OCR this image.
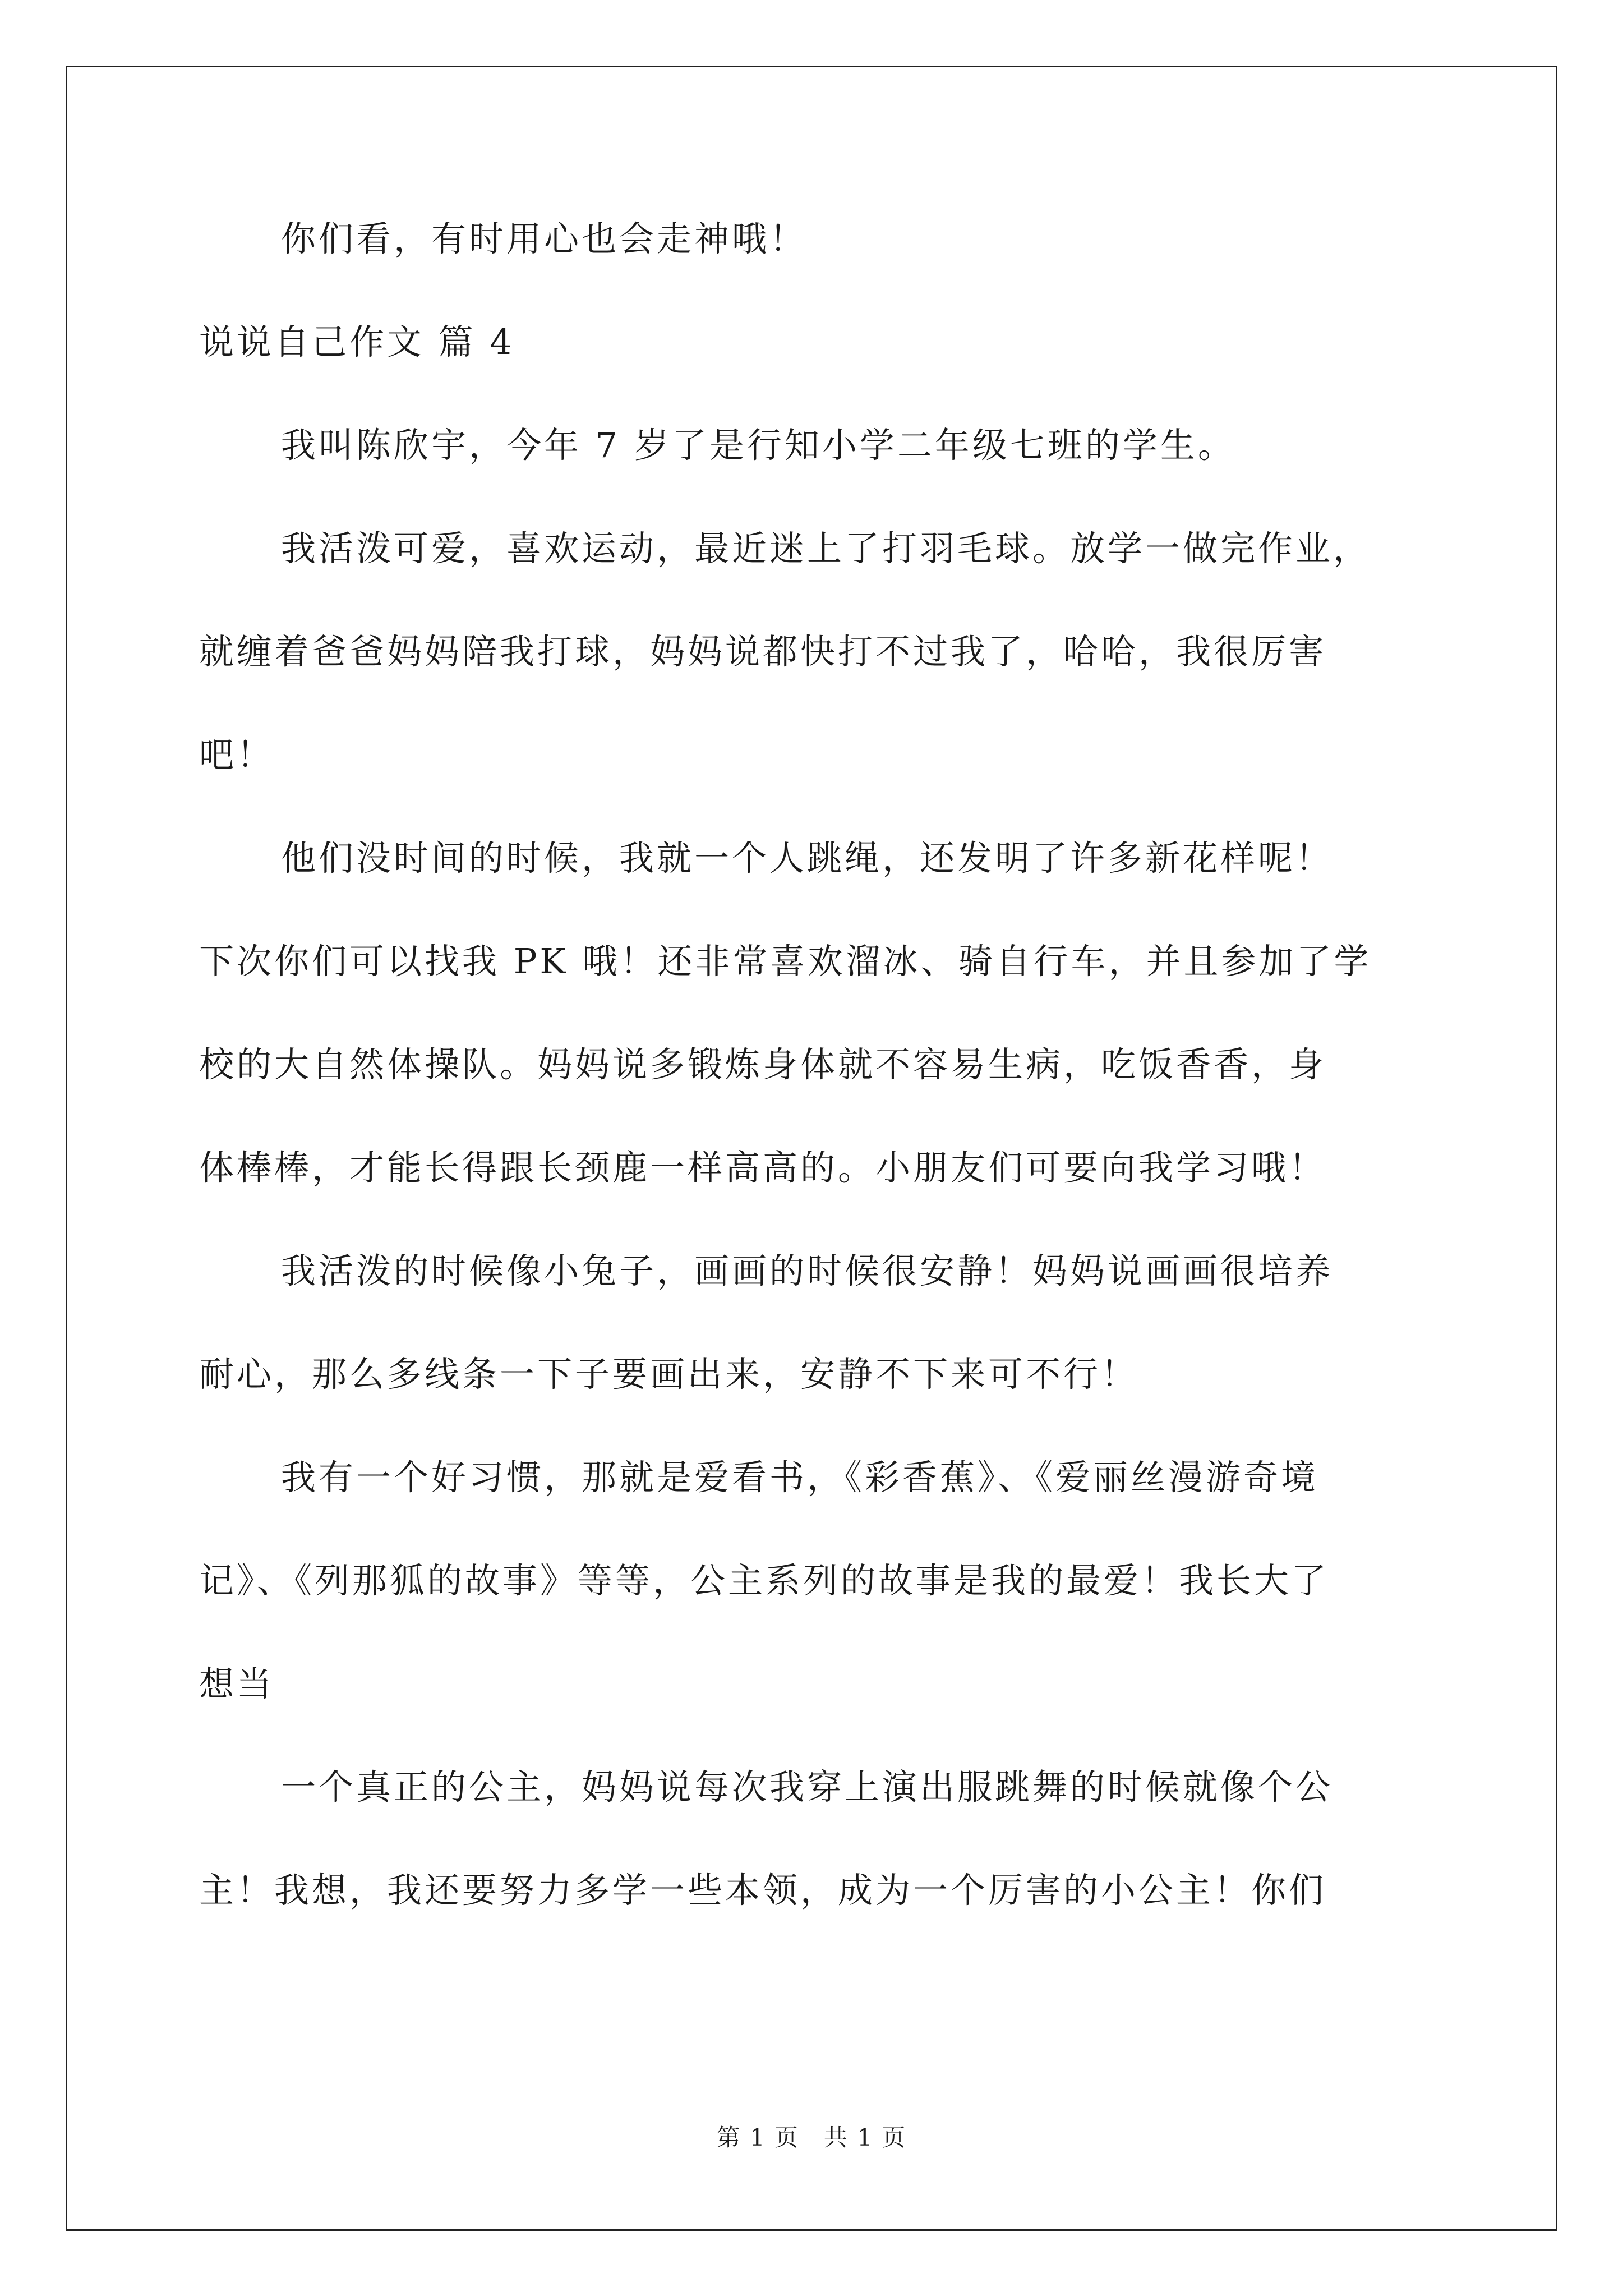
你们看，有时用心也会走神哦！
说说自己作文 篇 4
我叫陈欣宇，今年 7 岁了是行知小学二年级七班的学生。
我活泼可爱，喜欢运动，最近迷上了打羽毛球。放学一做完作业，
就缠着爸爸妈妈陪我打球，妈妈说都快打不过我了，哈哈，我很厉害
吧！
他们没时间的时候，我就一个人跳绳，还发明了许多新花样呢！
下次你们可以找我 PK 哦！还非常喜欢溜冰、骑自行车，并且参加了学
校的大自然体操队。妈妈说多锻炼身体就不容易生病，吃饭香香，身
体棒棒，才能长得跟长颈鹿一样高高的。小朋友们可要向我学习哦！
我活泼的时候像小兔子，画画的时候很安静！妈妈说画画很培养
耐心，那么多线条一下子要画出来，安静不下来可不行！
我有一个好习惯，那就是爱看书，《彩香蕉》、《爱丽丝漫游奇境
记》、《列那狐的故事》等等，公主系列的故事是我的最爱！我长大了
想当
一个真正的公主，妈妈说每次我穿上演出服跳舞的时候就像个公
主！我想，我还要努力多学一些本领，成为一个厉害的小公主！你们
第 1 页　共 1 页
